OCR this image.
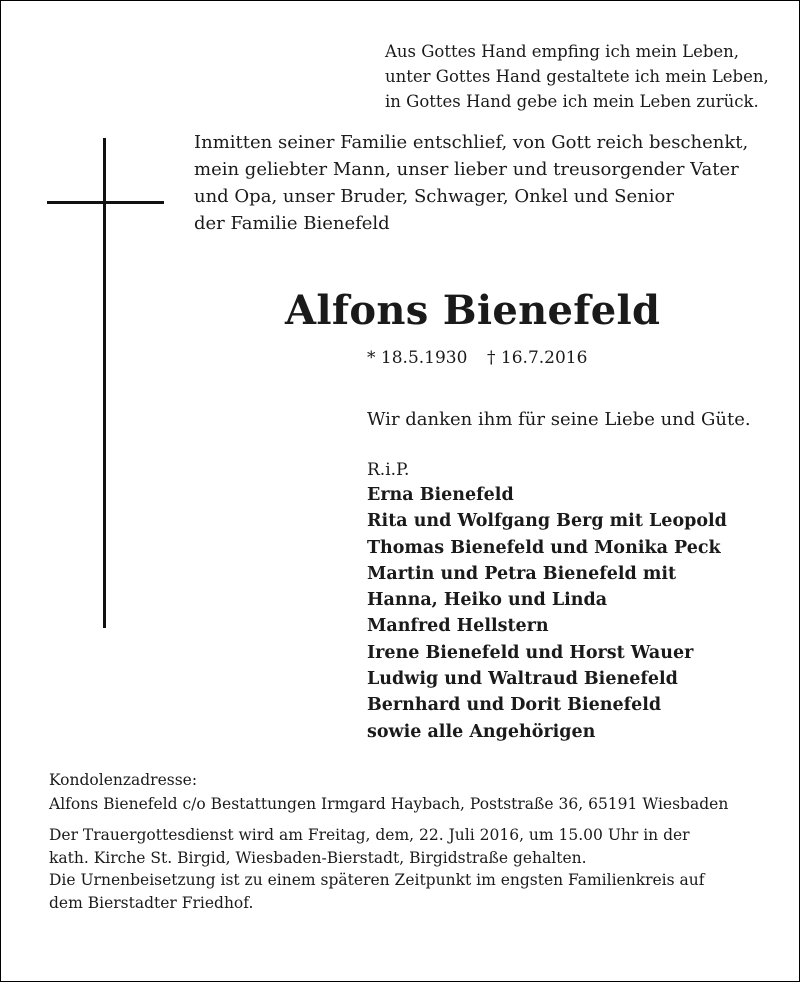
Aus Gottes Hand empfing ich mein Leben,
unter Gottes Hand gestaltete ich mein Leben,
in Gottes Hand gebe ich mein Leben zurück.
Inmitten seiner Familie entschlief, von Gott reich beschenkt,
mein geliebter Mann, unser lieber und treusorgender Vater
und Opa, unser Bruder, Schwager, Onkel und Senior
der Familie Bienefeld
Alfons Bienefeld
* 18.5.1930 † 16.7.2016
Wir danken ihm für seine Liebe und Güte.
R.i.P.
Erna Bienefeld
Rita und Wolfgang Berg mit Leopold
Thomas Bienefeld und Monika Peck
Martin und Petra Bienefeld mit
Hanna, Heiko und Linda
Manfred Hellstern
Irene Bienefeld und Horst Wauer
Ludwig und Waltraud Bienefeld
Bernhard und Dorit Bienefeld
sowie alle Angehörigen
Kondolenzadresse:
Alfons Bienefeld c/o Bestattungen Irmgard Haybach, Poststraße 36, 65191 Wiesbaden
Der Trauergottesdienst wird am Freitag, dem, 22. Juli 2016, um 15.00 Uhr in der
kath. Kirche St. Birgid, Wiesbaden-Bierstadt, Birgidstraße gehalten.
Die Urnenbeisetzung ist zu einem späteren Zeitpunkt im engsten Familienkreis auf
dem Bierstadter Friedhof.
